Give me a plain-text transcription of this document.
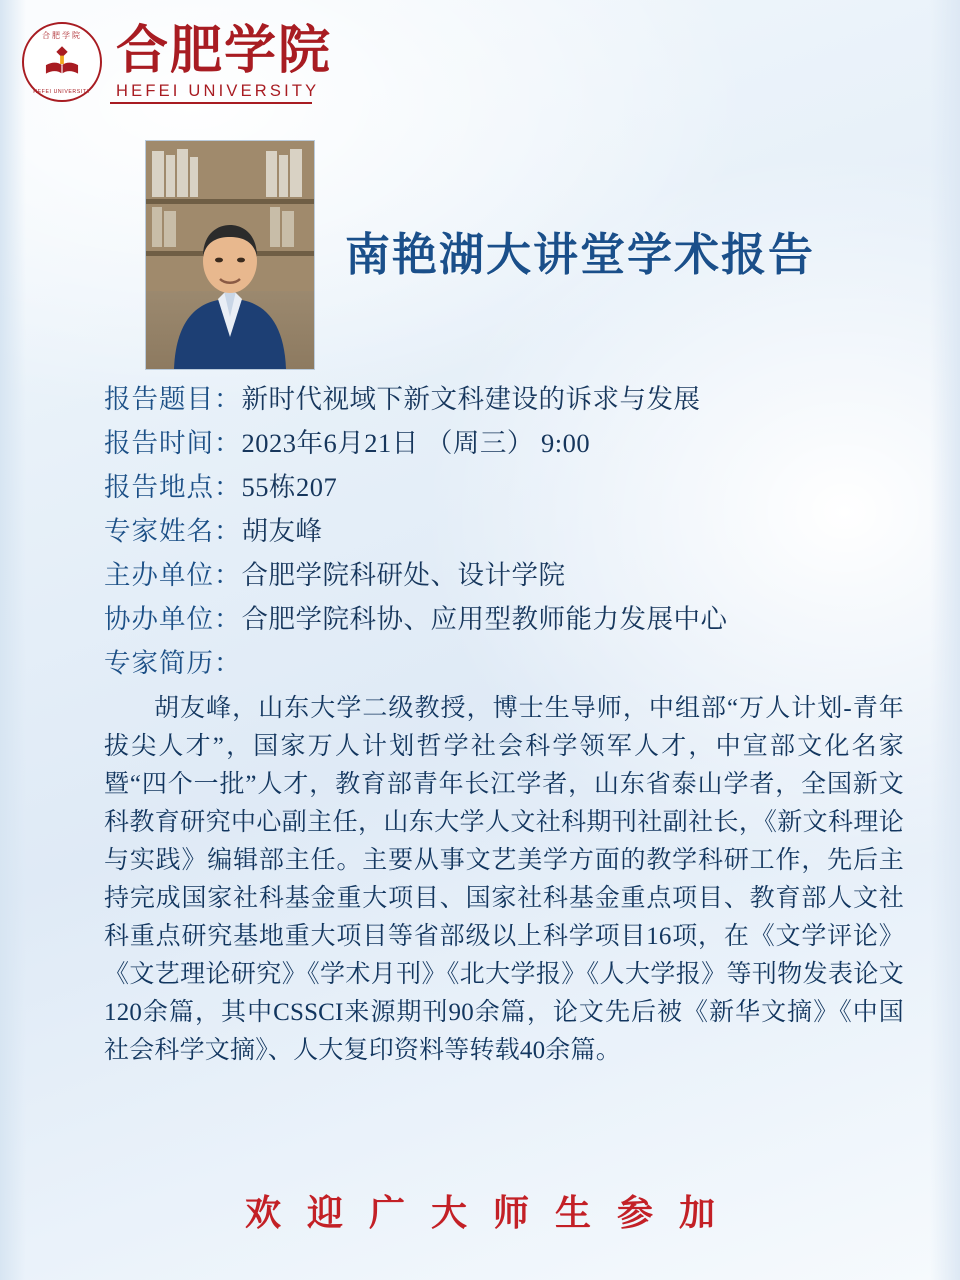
合肥学院
HEFEI UNIVERSITY
合肥学院
HEFEI UNIVERSITY
南艳湖大讲堂学术报告
报告题目： 新时代视域下新文科建设的诉求与发展
报告时间： 2023年6月21日 （周三） 9:00
报告地点： 55栋207
专家姓名： 胡友峰
主办单位： 合肥学院科研处、设计学院
协办单位： 合肥学院科协、应用型教师能力发展中心
专家简历：
胡友峰，山东大学二级教授，博士生导师，中组部“万人计划-青年拔尖人才”，国家万人计划哲学社会科学领军人才，中宣部文化名家暨“四个一批”人才，教育部青年长江学者，山东省泰山学者，全国新文科教育研究中心副主任，山东大学人文社科期刊社副社长，《新文科理论与实践》编辑部主任。主要从事文艺美学方面的教学科研工作，先后主持完成国家社科基金重大项目、国家社科基金重点项目、教育部人文社科重点研究基地重大项目等省部级以上科学项目16项，在《文学评论》《文艺理论研究》《学术月刊》《北大学报》《人大学报》等刊物发表论文120余篇，其中CSSCI来源期刊90余篇，论文先后被《新华文摘》《中国社会科学文摘》、人大复印资料等转载40余篇。
欢迎广大师生参加
